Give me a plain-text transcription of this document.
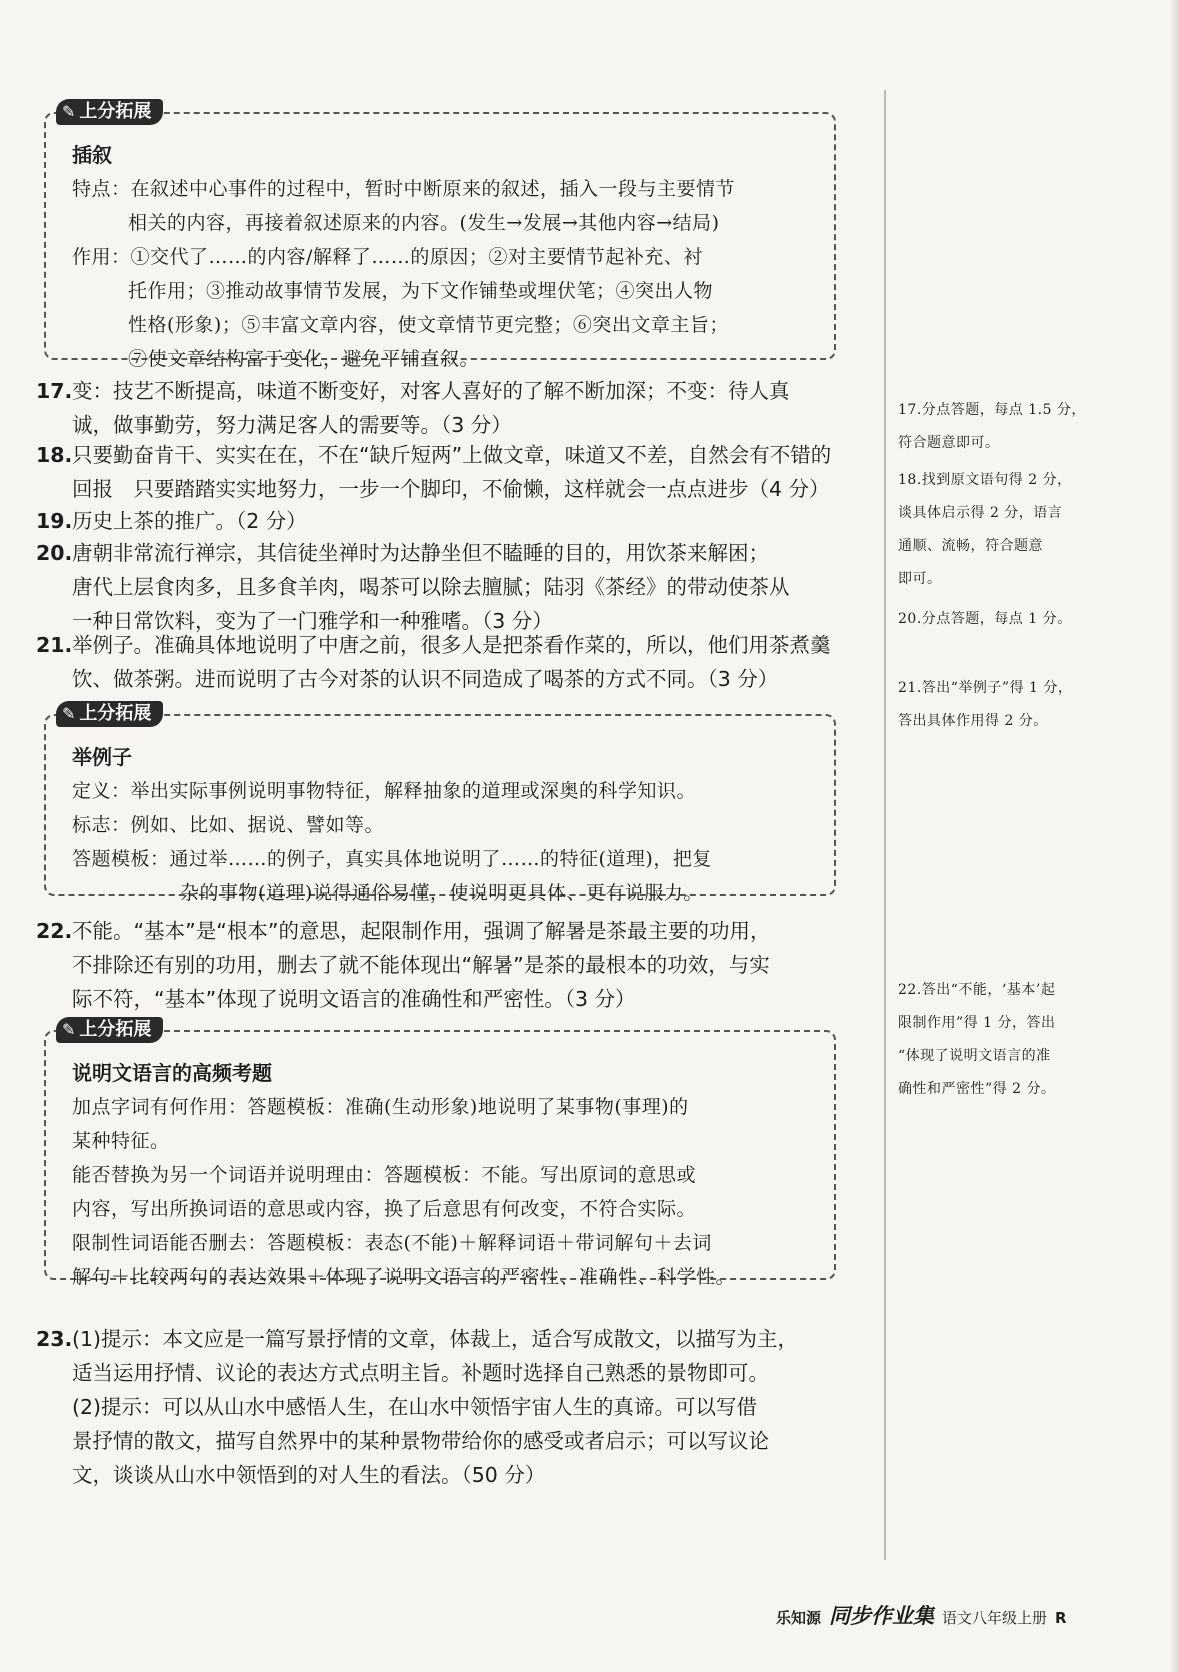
✎ 上分拓展
插叙
特点：在叙述中心事件的过程中，暂时中断原来的叙述，插入一段与主要情节
相关的内容，再接着叙述原来的内容。(发生→发展→其他内容→结局)
作用：①交代了……的内容/解释了……的原因；②对主要情节起补充、衬
托作用；③推动故事情节发展，为下文作铺垫或埋伏笔；④突出人物
性格(形象)；⑤丰富文章内容，使文章情节更完整；⑥突出文章主旨；
⑦使文章结构富于变化，避免平铺直叙。
17.变：技艺不断提高，味道不断变好，对客人喜好的了解不断加深；不变：待人真
诚，做事勤劳，努力满足客人的需要等。（3 分）
18.只要勤奋肯干、实实在在，不在“缺斤短两”上做文章，味道又不差，自然会有不错的
回报　只要踏踏实实地努力，一步一个脚印，不偷懒，这样就会一点点进步（4 分）
19.历史上茶的推广。（2 分）
20.唐朝非常流行禅宗，其信徒坐禅时为达静坐但不瞌睡的目的，用饮茶来解困；
唐代上层食肉多，且多食羊肉，喝茶可以除去膻腻；陆羽《茶经》的带动使茶从
一种日常饮料，变为了一门雅学和一种雅嗜。（3 分）
21.举例子。准确具体地说明了中唐之前，很多人是把茶看作菜的，所以，他们用茶煮羹
饮、做茶粥。进而说明了古今对茶的认识不同造成了喝茶的方式不同。（3 分）
✎ 上分拓展
举例子
定义：举出实际事例说明事物特征，解释抽象的道理或深奥的科学知识。
标志：例如、比如、据说、譬如等。
答题模板：通过举……的例子，真实具体地说明了……的特征(道理)，把复
杂的事物(道理)说得通俗易懂，使说明更具体、更有说服力。
22.不能。“基本”是“根本”的意思，起限制作用，强调了解暑是茶最主要的功用，
不排除还有别的功用，删去了就不能体现出“解暑”是茶的最根本的功效，与实
际不符，“基本”体现了说明文语言的准确性和严密性。（3 分）
✎ 上分拓展
说明文语言的高频考题
加点字词有何作用：答题模板：准确(生动形象)地说明了某事物(事理)的
某种特征。
能否替换为另一个词语并说明理由：答题模板：不能。写出原词的意思或
内容，写出所换词语的意思或内容，换了后意思有何改变，不符合实际。
限制性词语能否删去：答题模板：表态(不能)＋解释词语＋带词解句＋去词
解句＋比较两句的表达效果＋体现了说明文语言的严密性、准确性、科学性。
23.(1)提示：本文应是一篇写景抒情的文章，体裁上，适合写成散文，以描写为主，
适当运用抒情、议论的表达方式点明主旨。补题时选择自己熟悉的景物即可。
(2)提示：可以从山水中感悟人生，在山水中领悟宇宙人生的真谛。可以写借
景抒情的散文，描写自然界中的某种景物带给你的感受或者启示；可以写议论
文，谈谈从山水中领悟到的对人生的看法。（50 分）
17.分点答题，每点 1.5 分，
符合题意即可。
18.找到原文语句得 2 分，
谈具体启示得 2 分，语言
通顺、流畅，符合题意
即可。
20.分点答题，每点 1 分。
21.答出“举例子”得 1 分，
答出具体作用得 2 分。
22.答出“不能，‘基本’起
限制作用”得 1 分，答出
“体现了说明文语言的准
确性和严密性”得 2 分。
乐知源 同步作业集 语文八年级上册 R
